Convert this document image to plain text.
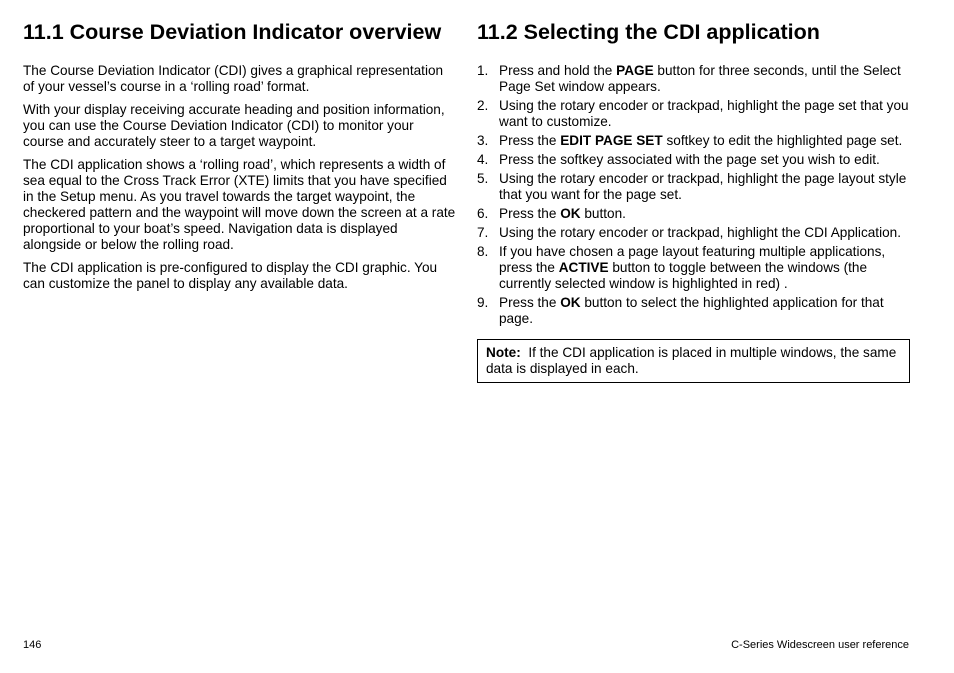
11.1 Course Deviation Indicator overview

The Course Deviation Indicator (CDI) gives a graphical representation of your vessel’s course in a ‘rolling road’ format.

With your display receiving accurate heading and position information, you can use the Course Deviation Indicator (CDI) to monitor your course and accurately steer to a target waypoint.

The CDI application shows a ‘rolling road’, which represents a width of sea equal to the Cross Track Error (XTE) limits that you have specified in the Setup menu. As you travel towards the target waypoint, the checkered pattern and the waypoint will move down the screen at a rate proportional to your boat’s speed. Navigation data is displayed alongside or below the rolling road.

The CDI application is pre-configured to display the CDI graphic. You can customize the panel to display any available data.

11.2 Selecting the CDI application
1. Press and hold the PAGE button for three seconds, until the Select Page Set window appears.
2. Using the rotary encoder or trackpad, highlight the page set that you want to customize.
3. Press the EDIT PAGE SET softkey to edit the highlighted page set.
4. Press the softkey associated with the page set you wish to edit.
5. Using the rotary encoder or trackpad, highlight the page layout style that you want for the page set.
6. Press the OK button.
7. Using the rotary encoder or trackpad, highlight the CDI Application.
8. If you have chosen a page layout featuring multiple applications, press the ACTIVE button to toggle between the windows (the currently selected window is highlighted in red) .
9. Press the OK button to select the highlighted application for that page.
Note: If the CDI application is placed in multiple windows, the same data is displayed in each.
146	C-Series Widescreen user reference
